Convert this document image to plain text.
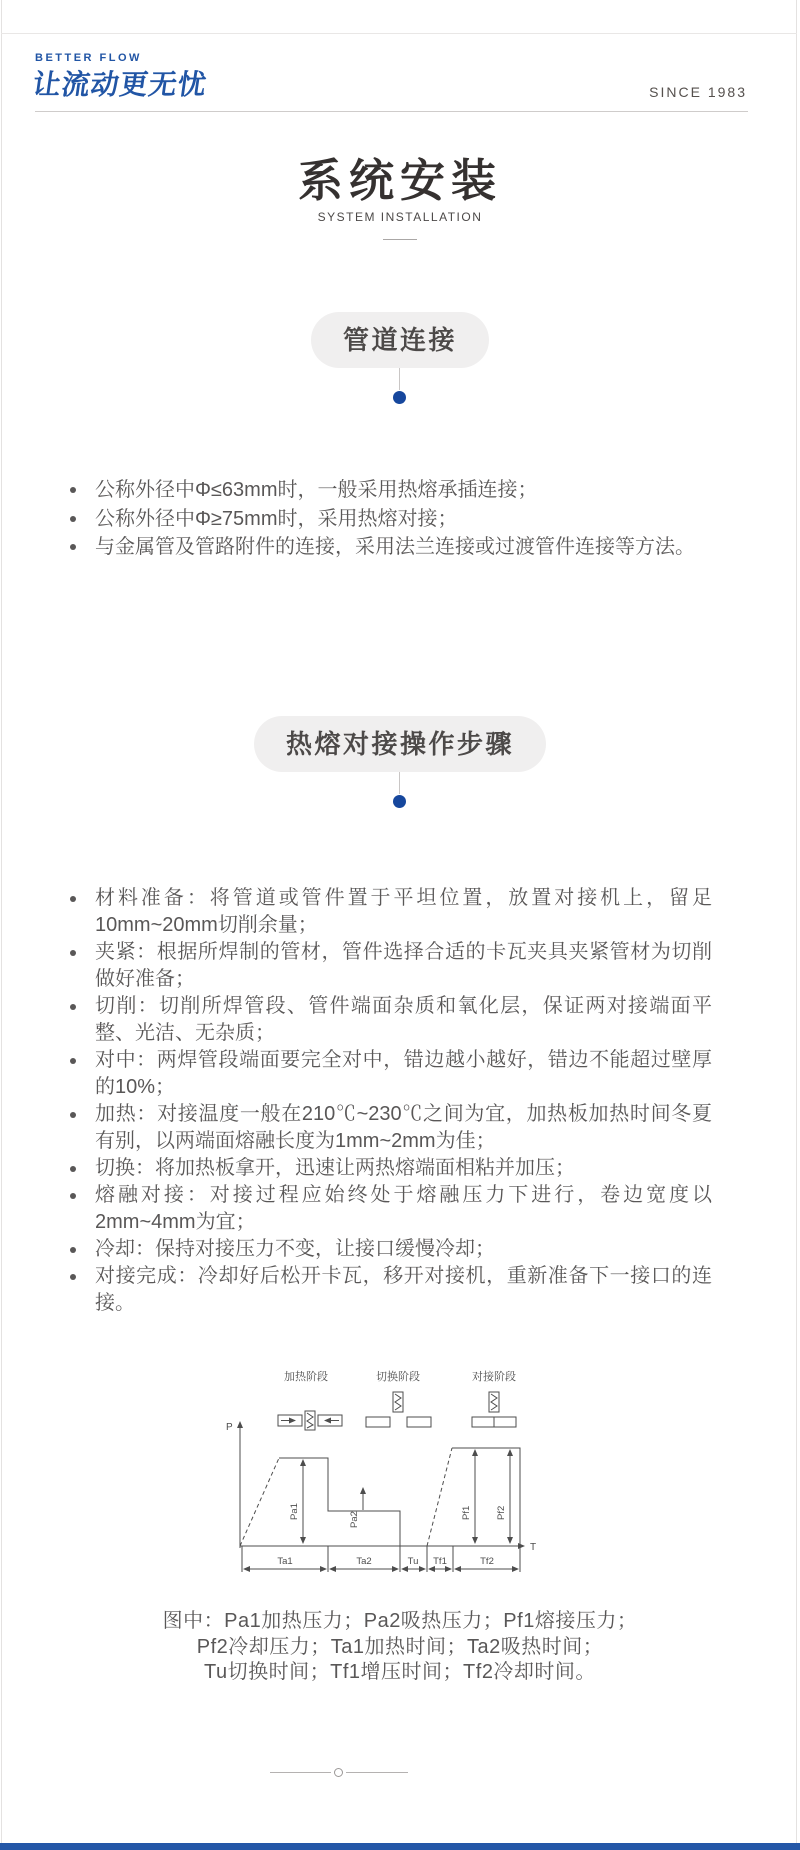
BETTER FLOW
让流动更无忧	SINCE 1983
系统安装
SYSTEM INSTALLATION
管道连接
公称外径中Φ≤63mm时，一般采用热熔承插连接；
公称外径中Φ≥75mm时，采用热熔对接；
与金属管及管路附件的连接，采用法兰连接或过渡管件连接等方法。
热熔对接操作步骤
材料准备：将管道或管件置于平坦位置，放置对接机上，留足10mm~20mm切削余量；
夹紧：根据所焊制的管材，管件选择合适的卡瓦夹具夹紧管材为切削做好准备；
切削：切削所焊管段、管件端面杂质和氧化层，保证两对接端面平整、光洁、无杂质；
对中：两焊管段端面要完全对中，错边越小越好，错边不能超过壁厚的10%；
加热：对接温度一般在210℃~230℃之间为宜，加热板加热时间冬夏有别，以两端面熔融长度为1mm~2mm为佳；
切换：将加热板拿开，迅速让两热熔端面相粘并加压；
熔融对接：对接过程应始终处于熔融压力下进行，卷边宽度以2mm~4mm为宜；
冷却：保持对接压力不变，让接口缓慢冷却；
对接完成：冷却好后松开卡瓦，移开对接机，重新准备下一接口的连接。
加热阶段	切换阶段	对接阶段
P
T
Pa1	Pa2	Pf1	Pf2
Ta1	Ta2	Tu Tf1	Tf2
图中：Pa1加热压力；Pa2吸热压力；Pf1熔接压力；
Pf2冷却压力；Ta1加热时间；Ta2吸热时间；
Tu切换时间；Tf1增压时间；Tf2冷却时间。
